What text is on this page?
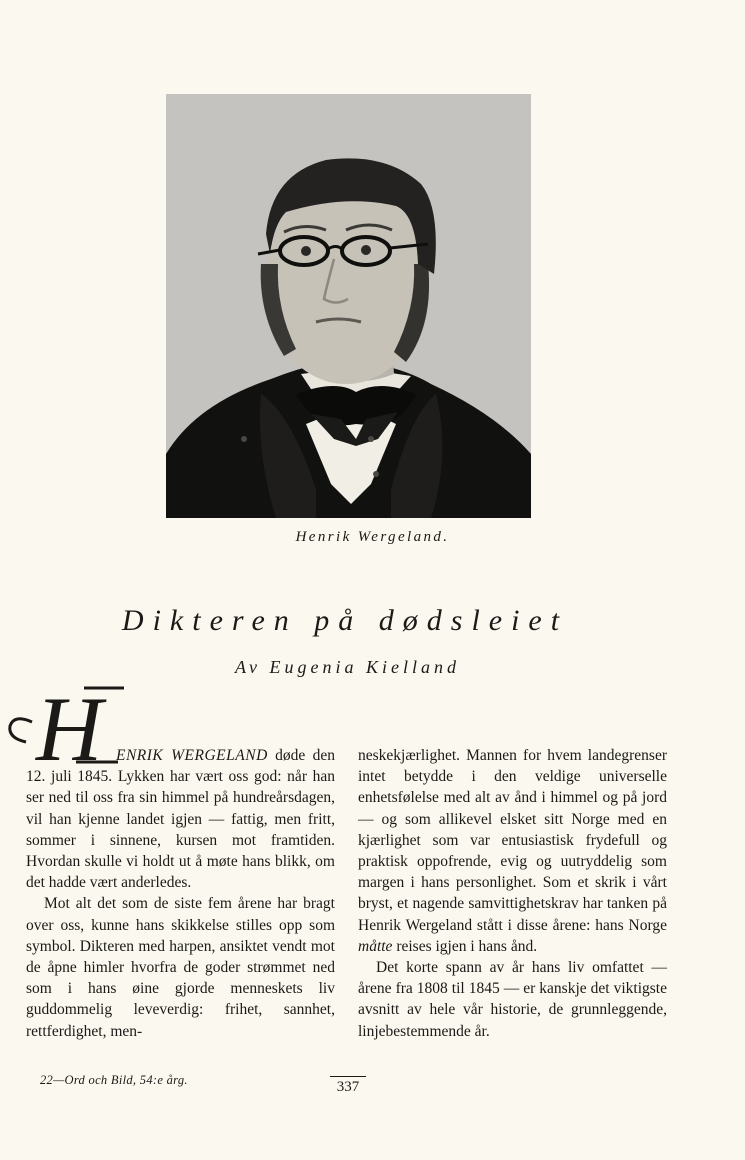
Henrik Wergeland.
Dikteren på dødsleiet
Av Eugenia Kielland
H ENRIK WERGELAND døde den 12. juli 1845. Lykken har vært oss god: når han ser ned til oss fra sin himmel på hundreårsdagen, vil han kjenne landet igjen — fattig, men fritt, sommer i sinnene, kursen mot framtiden. Hvordan skulle vi holdt ut å møte hans blikk, om det hadde vært anderledes.

Mot alt det som de siste fem årene har bragt over oss, kunne hans skikkelse stilles opp som symbol. Dikteren med harpen, ansiktet vendt mot de åpne himler hvorfra de goder strømmet ned som i hans øine gjorde menneskets liv guddommelig leveverdig: frihet, sannhet, rettferdighet, men-

neskekjærlighet. Mannen for hvem landegrenser intet betydde i den veldige universelle enhetsfølelse med alt av ånd i himmel og på jord — og som allikevel elsket sitt Norge med en kjærlighet som var entusiastisk frydefull og praktisk oppofrende, evig og uutryddelig som margen i hans personlighet. Som et skrik i vårt bryst, et nagende samvittighetskrav har tanken på Henrik Wergeland stått i disse årene: hans Norge måtte reises igjen i hans ånd.

Det korte spann av år hans liv omfattet — årene fra 1808 til 1845 — er kanskje det viktigste avsnitt av hele vår historie, de grunnleggende, linjebestemmende år.

22—Ord och Bild, 54:e årg.	337
